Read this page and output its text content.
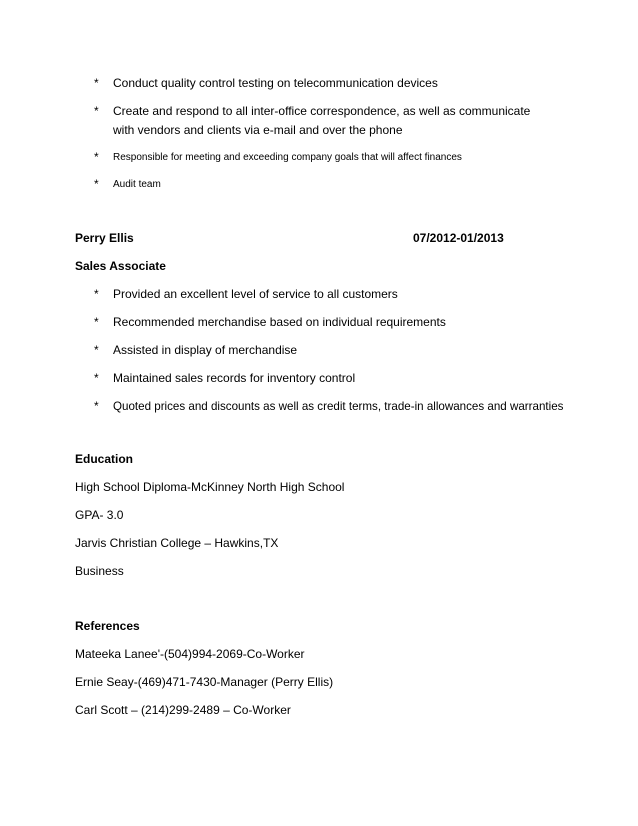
*	Conduct quality control testing on telecommunication devices
*	Create and respond to all inter-office correspondence, as well as communicate with vendors and clients via e-mail and over the phone
*	Responsible for meeting and exceeding company goals that will affect finances
*	Audit team
Perry Ellis	07/2012-01/2013
Sales Associate
*	Provided an excellent level of service to all customers
*	Recommended merchandise based on individual requirements
*	Assisted in display of merchandise
*	Maintained sales records for inventory control
*	Quoted prices and discounts as well as credit terms, trade-in allowances and warranties
Education
High School Diploma-McKinney North High School
GPA- 3.0
Jarvis Christian College – Hawkins,TX
Business
References
Mateeka Lanee'-(504)994-2069-Co-Worker
Ernie Seay-(469)471-7430-Manager (Perry Ellis)
Carl Scott – (214)299-2489 – Co-Worker
